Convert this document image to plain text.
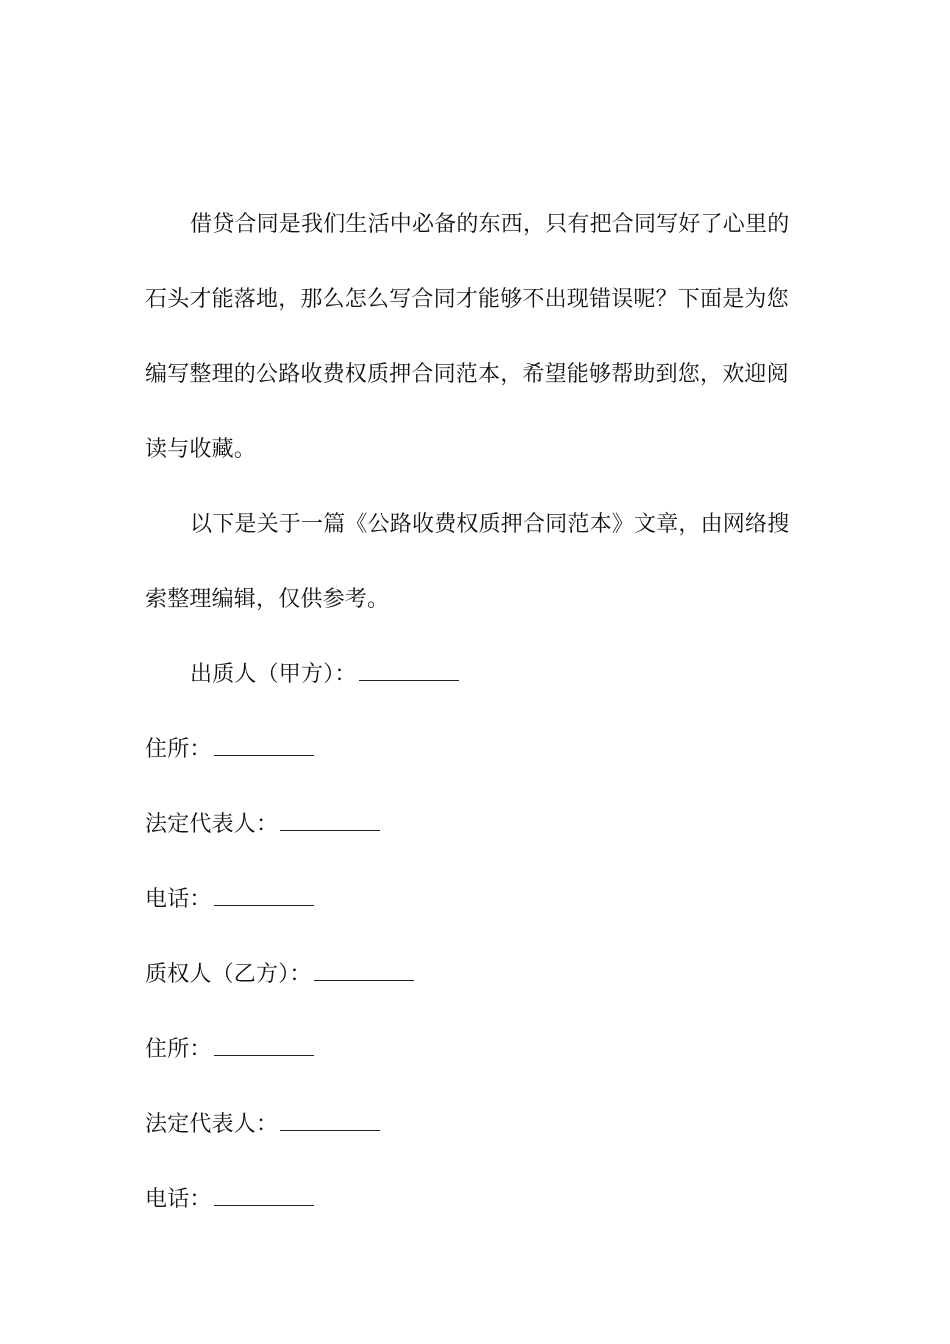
借贷合同是我们生活中必备的东西，只有把合同写好了心里的
石头才能落地，那么怎么写合同才能够不出现错误呢？下面是为您
编写整理的公路收费权质押合同范本，希望能够帮助到您，欢迎阅
读与收藏。
以下是关于一篇《公路收费权质押合同范本》文章，由网络搜
索整理编辑，仅供参考。
出质人（甲方）：
住所：
法定代表人：
电话：
质权人（乙方）：
住所：
法定代表人：
电话：
